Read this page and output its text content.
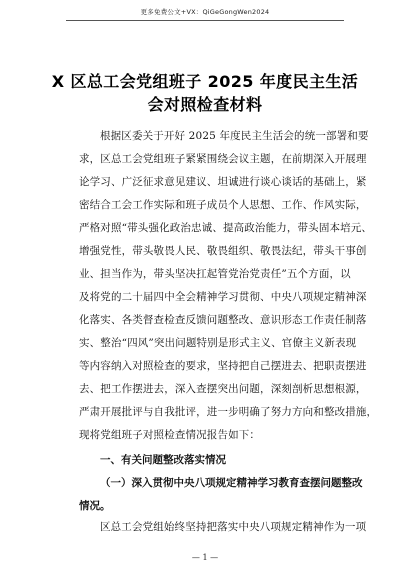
更多免费公文+VX：QiGeGongWen2024
X 区总工会党组班子 2025 年度民主生活
会对照检查材料
根据区委关于开好 2025 年度民主生活会的统一部署和要
求，区总工会党组班子紧紧围绕会议主题，在前期深入开展理
论学习、广泛征求意见建议、坦诚进行谈心谈话的基础上，紧
密结合工会工作实际和班子成员个人思想、工作、作风实际，
严格对照“带头强化政治忠诚、提高政治能力，带头固本培元、
增强党性，带头敬畏人民、敬畏组织、敬畏法纪，带头干事创
业、担当作为，带头坚决扛起管党治党责任”五个方面，以
及将党的二十届四中全会精神学习贯彻、中央八项规定精神深
化落实、各类督查检查反馈问题整改、意识形态工作责任制落
实、整治“四风”突出问题特别是形式主义、官僚主义新表现
等内容纳入对照检查的要求，坚持把自己摆进去、把职责摆进
去、把工作摆进去，深入查摆突出问题，深刻剖析思想根源，
严肃开展批评与自我批评，进一步明确了努力方向和整改措施，
现将党组班子对照检查情况报告如下：
一、有关问题整改落实情况
（一）深入贯彻中央八项规定精神学习教育查摆问题整改
情况。
区总工会党组始终坚持把落实中央八项规定精神作为一项
— 1 —
